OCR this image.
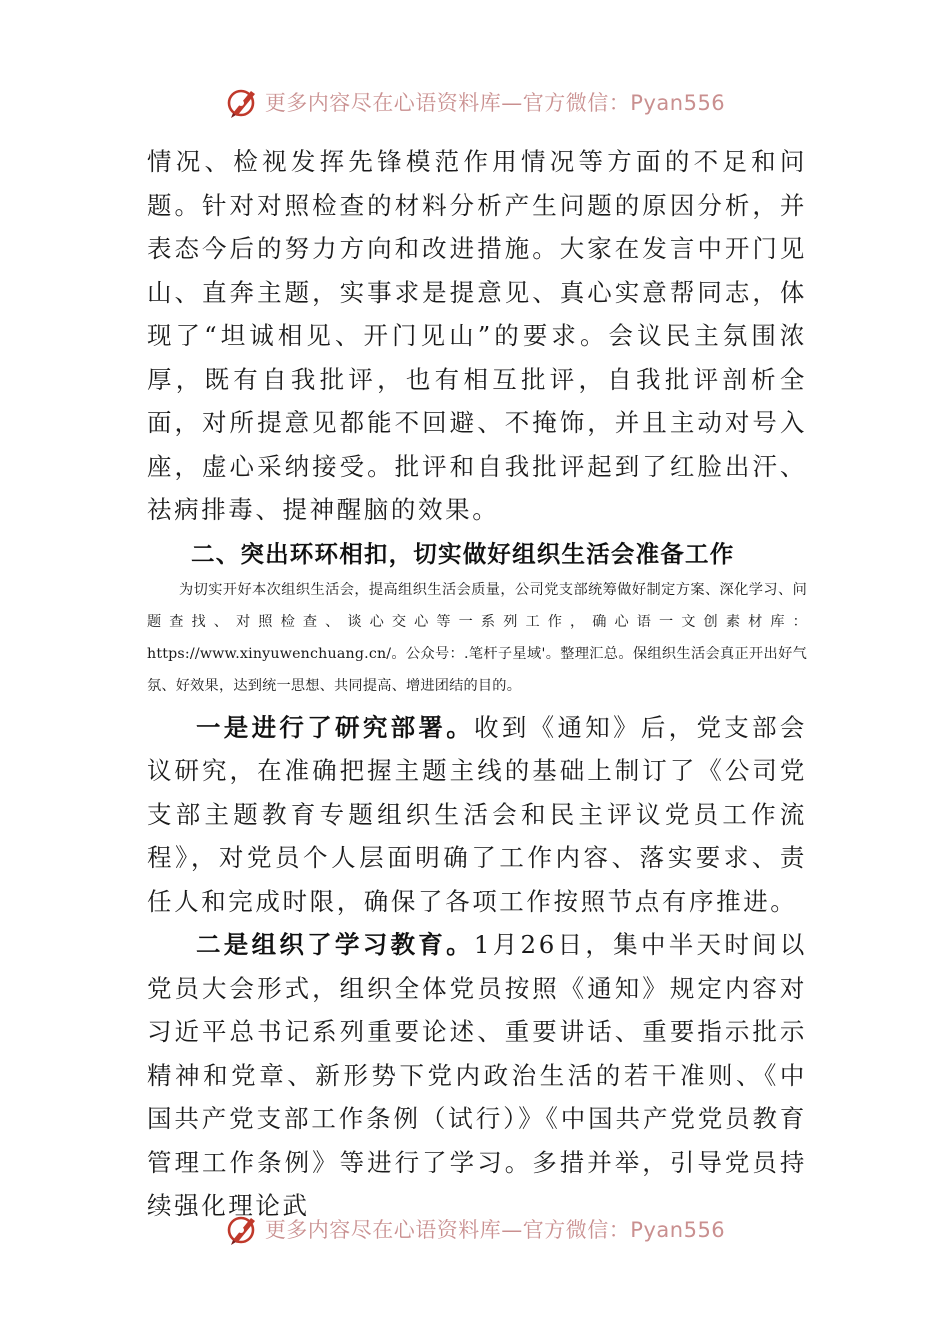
更多内容尽在心语资料库—官方微信：Pyan556

情况、检视发挥先锋模范作用情况等方面的不足和问题。针对对照检查的材料分析产生问题的原因分析，并表态今后的努力方向和改进措施。大家在发言中开门见山、直奔主题，实事求是提意见、真心实意帮同志，体现了“坦诚相见、开门见山”的要求。会议民主氛围浓厚，既有自我批评，也有相互批评，自我批评剖析全面，对所提意见都能不回避、不掩饰，并且主动对号入座，虚心采纳接受。批评和自我批评起到了红脸出汗、祛病排毒、提神醒脑的效果。

二、突出环环相扣，切实做好组织生活会准备工作

为切实开好本次组织生活会，提高组织生活会质量，公司党支部统筹做好制定方案、深化学习、问题查找、对照检查、谈心交心等一系列工作，确心语一文创素材库：https://www.xinyuwenchuang.cn/。公众号：.笔杆子星域'。整理汇总。保组织生活会真正开出好气氛、好效果，达到统一思想、共同提高、增进团结的目的。

一是进行了研究部署。收到《通知》后，党支部会议研究，在准确把握主题主线的基础上制订了《公司党支部主题教育专题组织生活会和民主评议党员工作流程》，对党员个人层面明确了工作内容、落实要求、责任人和完成时限，确保了各项工作按照节点有序推进。

二是组织了学习教育。1月26日，集中半天时间以党员大会形式，组织全体党员按照《通知》规定内容对习近平总书记系列重要论述、重要讲话、重要指示批示精神和党章、新形势下党内政治生活的若干准则、《中国共产党支部工作条例（试行）》《中国共产党党员教育管理工作条例》等进行了学习。多措并举，引导党员持续强化理论武

更多内容尽在心语资料库—官方微信：Pyan556
